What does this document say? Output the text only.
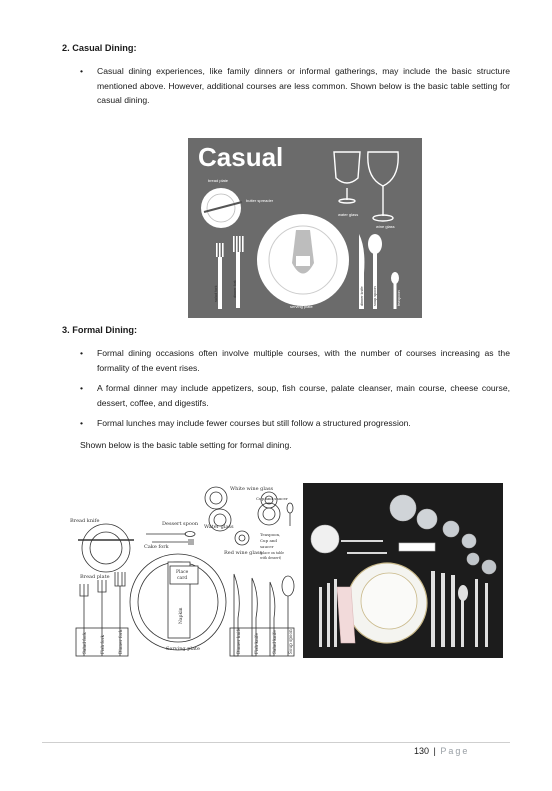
2. Casual Dining:
• Casual dining experiences, like family dinners or informal gatherings, may include the basic structure mentioned above. However, additional courses are less common. Shown below is the basic table setting for casual dining.
Casual
water glass
wine glass
bread plate
butter spreader
serving plate
salad fork	dinner fork	dinner knife soup spoon	teaspoon
3. Formal Dining:
• Formal dining occasions often involve multiple courses, with the number of courses increasing as the formality of the event rises.
• A formal dinner may include appetizers, soup, fish course, palate cleanser, main course, cheese course, dessert, coffee, and digestifs.
• Formal lunches may include fewer courses but still follow a structured progression.
Shown below is the basic table setting for formal dining.
White wine glass
Cup and saucer
Bread knife	Dessert spoon Water glass
Cake fork
Teaspoon,
Cup and
saucer
(place on table
with dessert)
Red wine glass
Place
card
Bread plate
Napkin
Salad fork	Fish fork	Dinner fork	Dinner knife	Fish knife	Salad knife	Soup spoon
Serving plate
130 | Page
